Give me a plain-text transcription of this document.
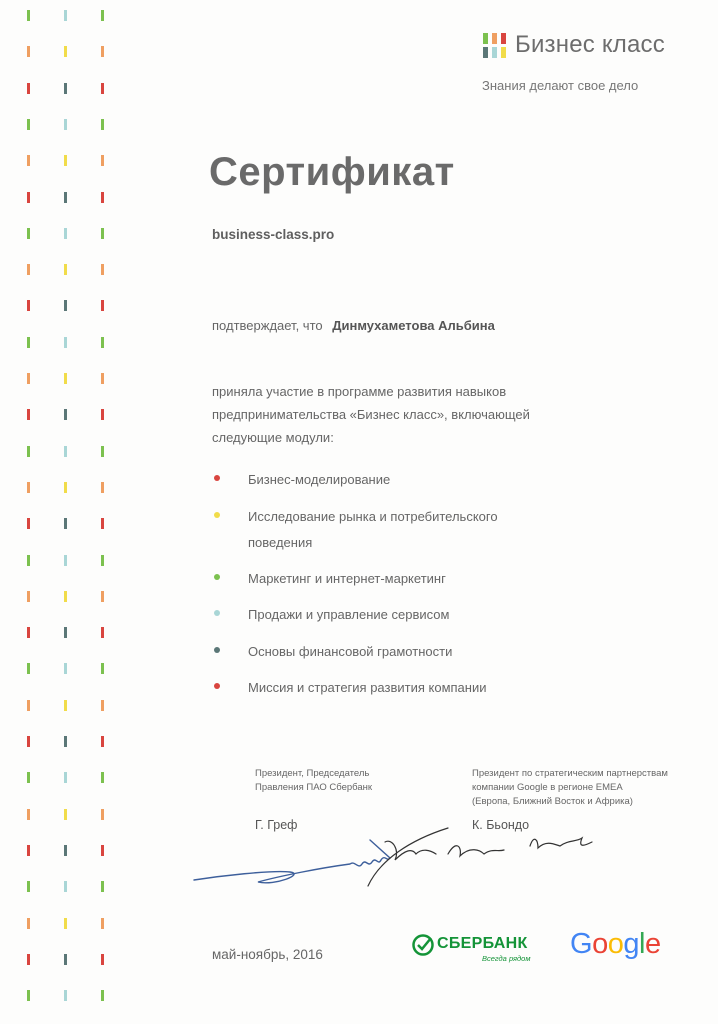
Бизнес класс
Знания делают свое дело
Сертификат
business-class.pro
подтверждает, что Динмухаметова Альбина
приняла участие в программе развития навыков
предпринимательства «Бизнес класс», включающей
следующие модули:
Бизнес-моделирование
Исследование рынка и потребительского
поведения
Маркетинг и интернет-маркетинг
Продажи и управление сервисом
Основы финансовой грамотности
Миссия и стратегия развития компании
Президент, Председатель
Правления ПАО Сбербанк
Президент по стратегическим партнерствам
компании Google в регионе EMEA
(Европа, Ближний Восток и Африка)
Г. Греф	К. Бьондо
май-ноябрь, 2016
СБЕРБАНК
Всегда рядом Google
